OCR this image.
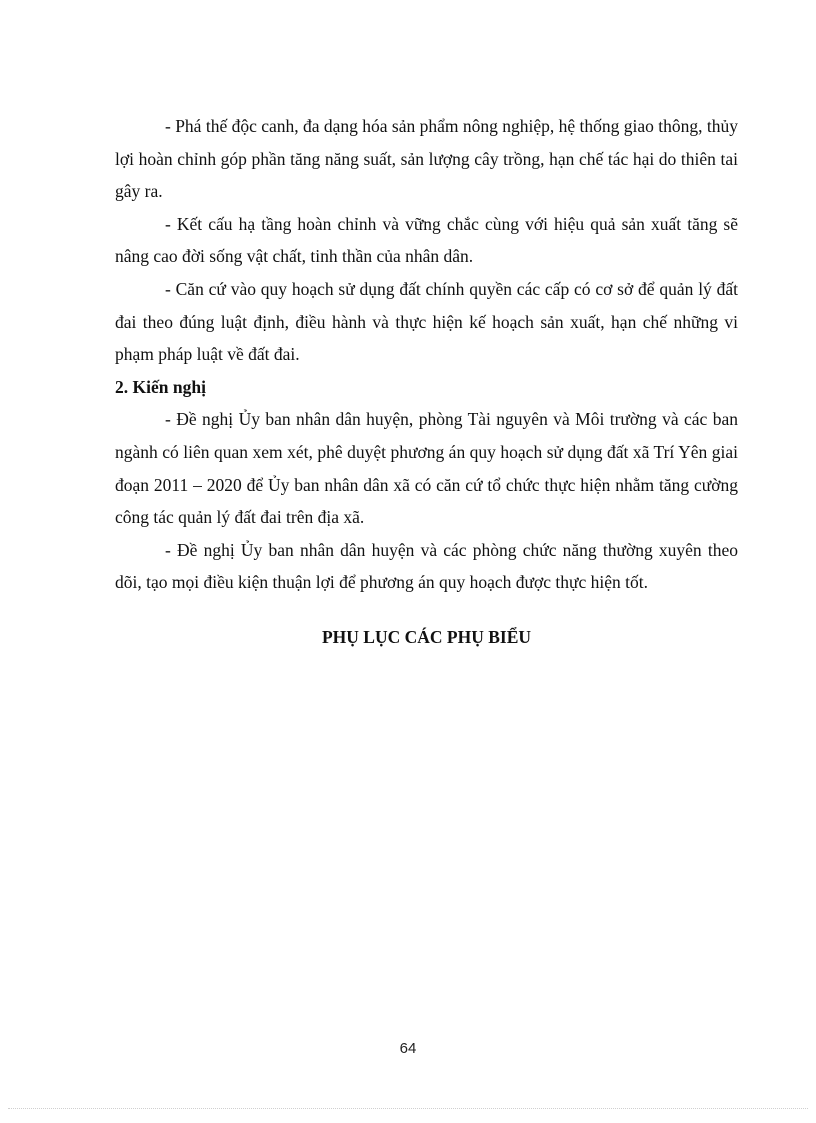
- Phá thế độc canh, đa dạng hóa sản phẩm nông nghiệp, hệ thống giao thông, thủy lợi hoàn chỉnh góp phần tăng năng suất, sản lượng cây trồng, hạn chế tác hại do thiên tai gây ra.

- Kết cấu hạ tầng hoàn chỉnh và vững chắc cùng với hiệu quả sản xuất tăng sẽ nâng cao đời sống vật chất, tinh thần của nhân dân.

- Căn cứ vào quy hoạch sử dụng đất chính quyền các cấp có cơ sở để quản lý đất đai theo đúng luật định, điều hành và thực hiện kế hoạch sản xuất, hạn chế những vi phạm pháp luật về đất đai.

2. Kiến nghị

- Đề nghị Ủy ban nhân dân huyện, phòng Tài nguyên và Môi trường và các ban ngành có liên quan xem xét, phê duyệt phương án quy hoạch sử dụng đất xã Trí Yên giai đoạn 2011 – 2020 để Ủy ban nhân dân xã có căn cứ tổ chức thực hiện nhằm tăng cường công tác quản lý đất đai trên địa xã.

- Đề nghị Ủy ban nhân dân huyện và các phòng chức năng thường xuyên theo dõi, tạo mọi điều kiện thuận lợi để phương án quy hoạch được thực hiện tốt.

PHỤ LỤC CÁC PHỤ BIỂU

64
